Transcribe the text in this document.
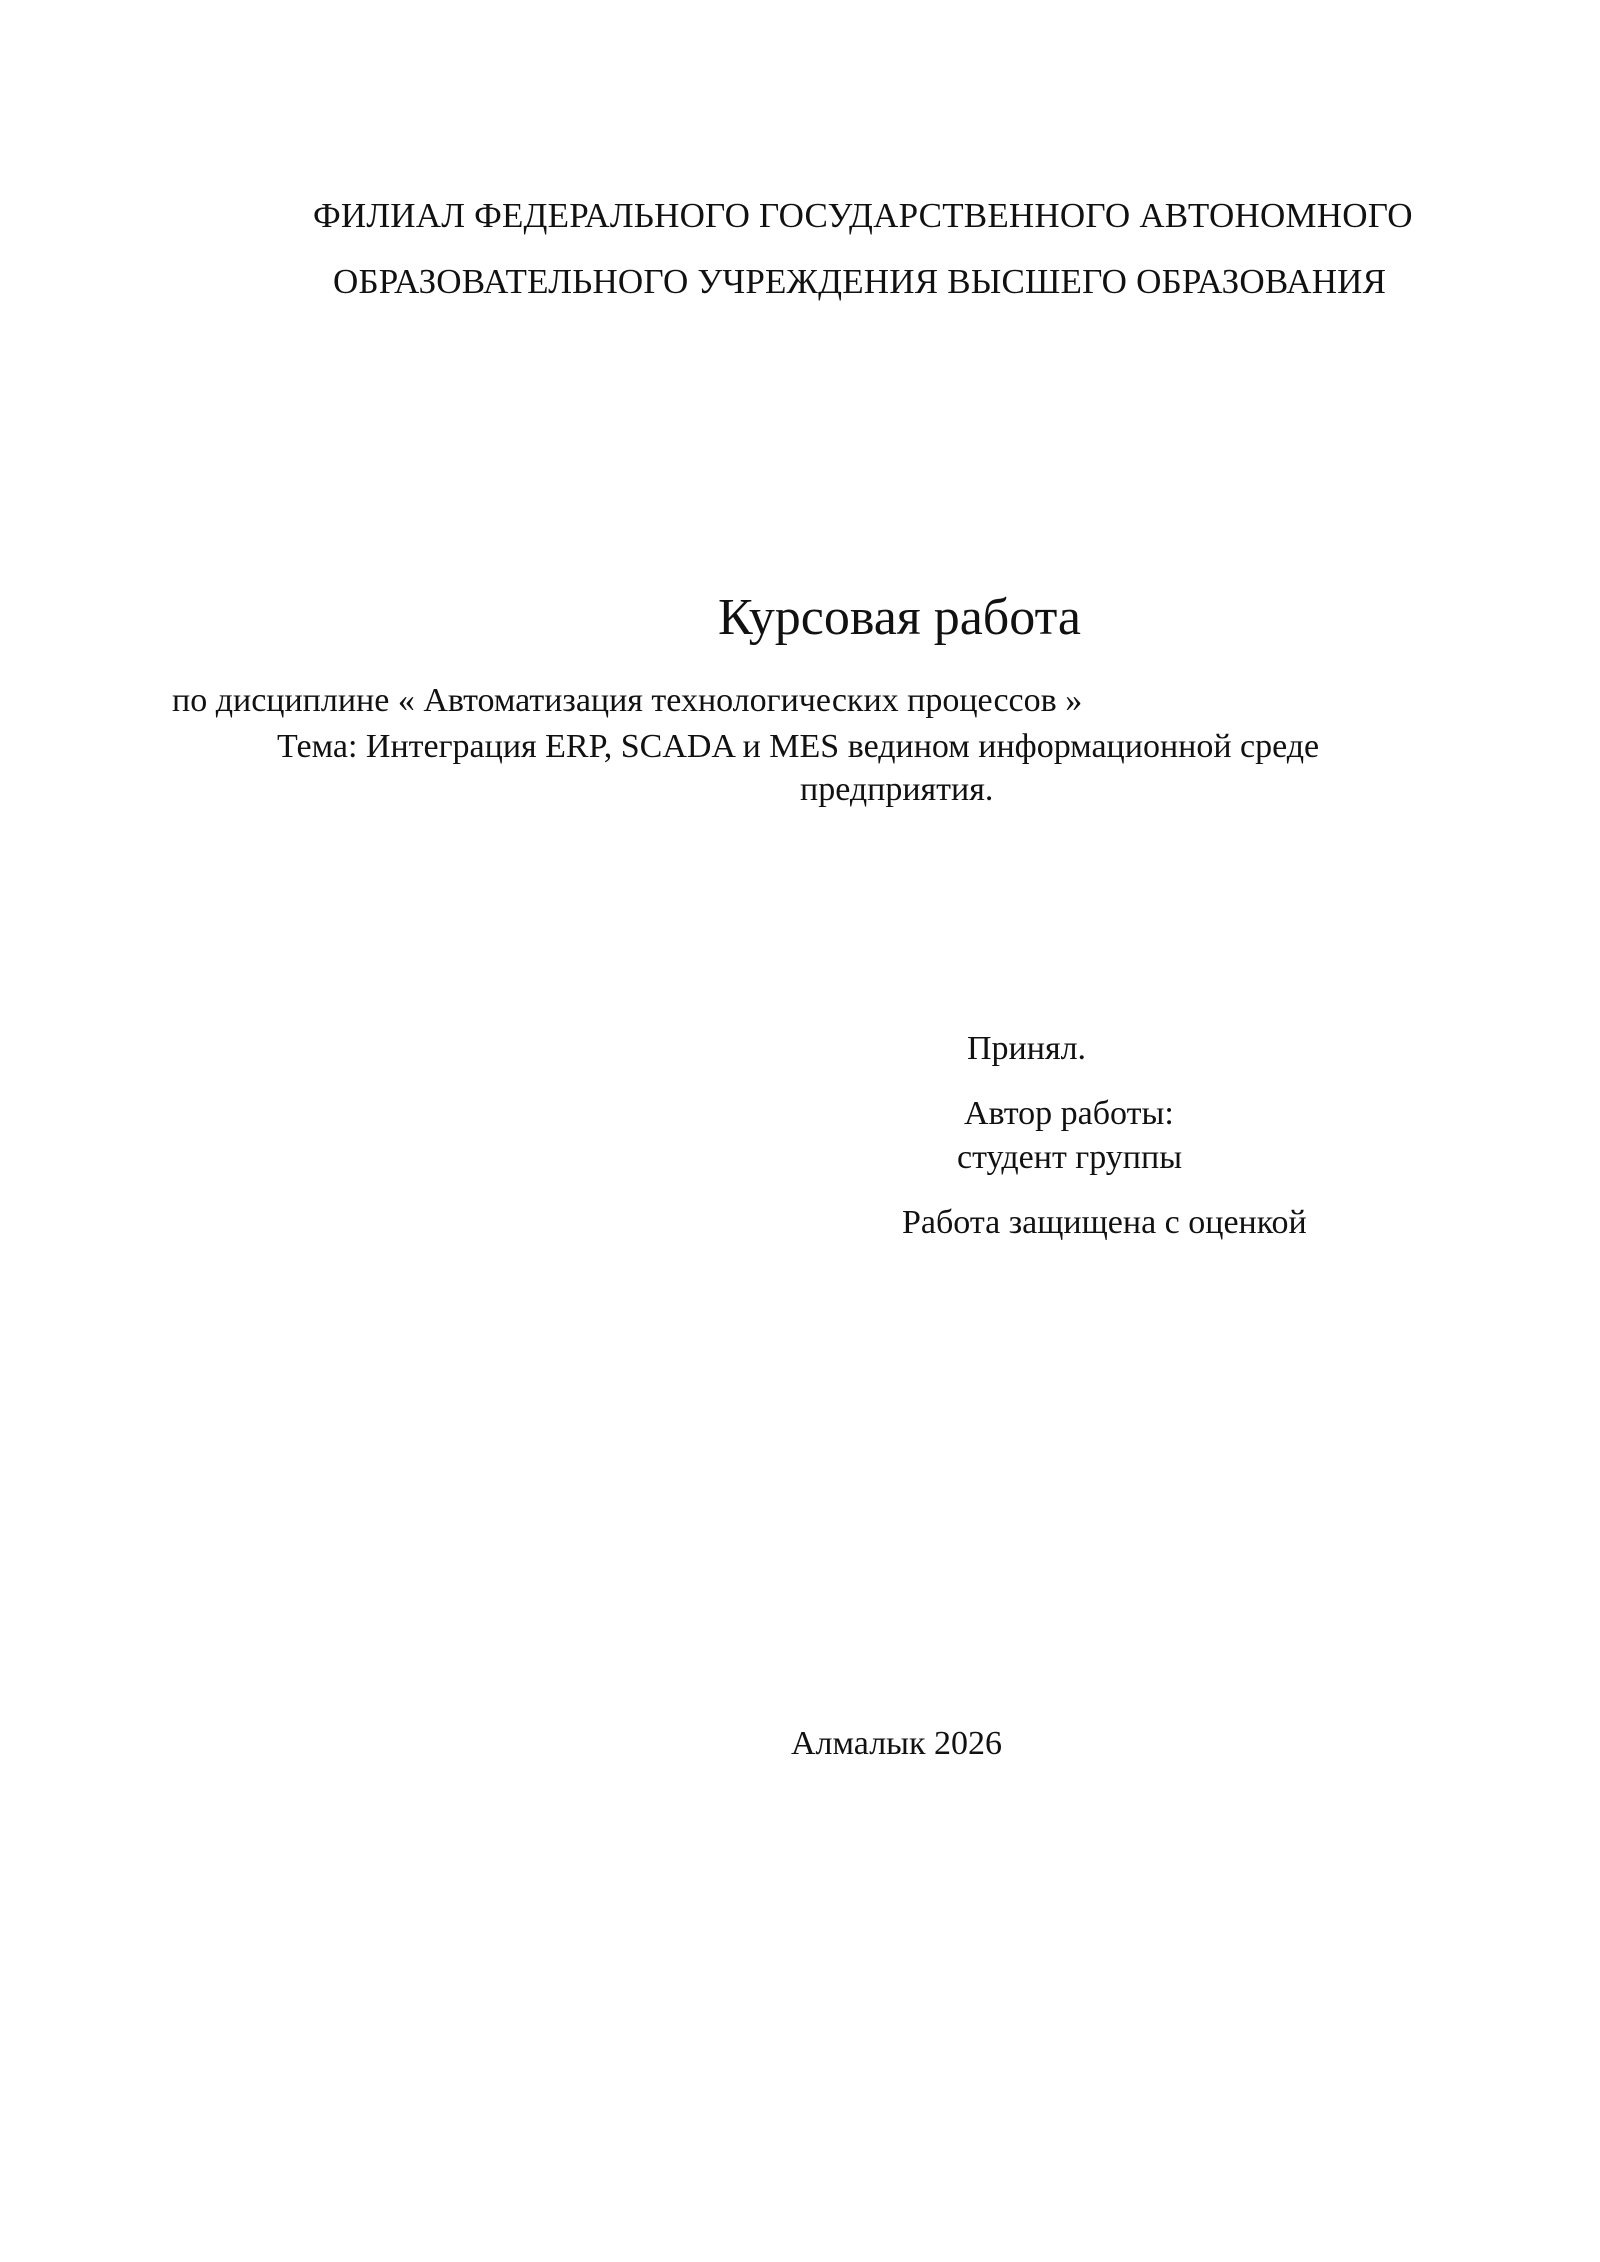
ФИЛИАЛ ФЕДЕРАЛЬНОГО ГОСУДАРСТВЕННОГО АВТОНОМНОГО
ОБРАЗОВАТЕЛЬНОГО УЧРЕЖДЕНИЯ ВЫСШЕГО ОБРАЗОВАНИЯ
Курсовая работа
по дисциплине « Автоматизация технологических процессов »
Тема: Интеграция ERP, SCADA и MES ведином информационной среде
предприятия.
Принял.
Автор работы:
студент группы
Работа защищена с оценкой
Алмалык 2026
